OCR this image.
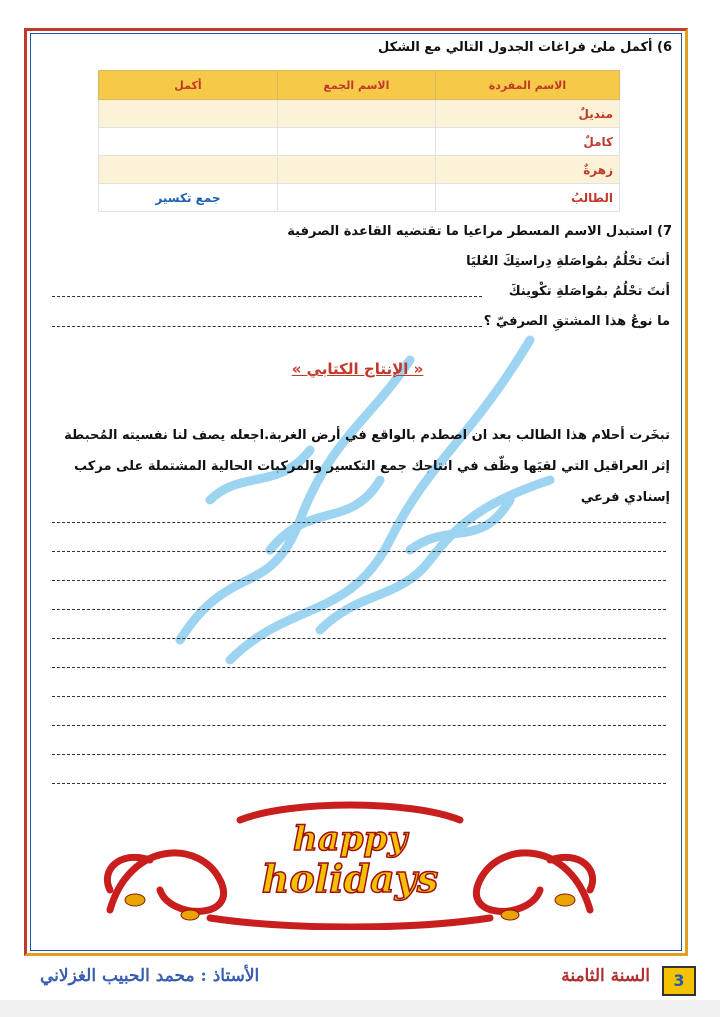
6) أكمل ملئ فراغات الجدول التالي مع الشكل
الاسم المفردة	الاسم الجمع	أكمل
منديلٌ		
كاملٌ		
زهرةٌ		
الطالبُ		جمع تكسير
7) استبدل الاسم المسطر مراعيا ما تقتضيه القاعدة الصرفية
أنتَ تحْلُمُ بمُواصَلةِ دِراستِكَ العُليَا
أنتَ تحْلُمُ بمُواصَلةِ تكْوينكَ
ما نوعُ هذا المشتقِ الصرفيّ ؟
« الإنتاج الكتابي »
تبخَرت أحلام هذا الطالب بعد ان اصطدم بالواقع في أرض الغربة.اجعله يصف لنا نفسيته المُحبطة إثر العراقيل التي لقيَها وظّف في انتاجك جمع التكسير والمركبات الحالية المشتملة على مركب إسنادي فرعي
happy
holidays
الأستاذ : محمد الحبيب الغزلاني	السنة الثامنة	3
